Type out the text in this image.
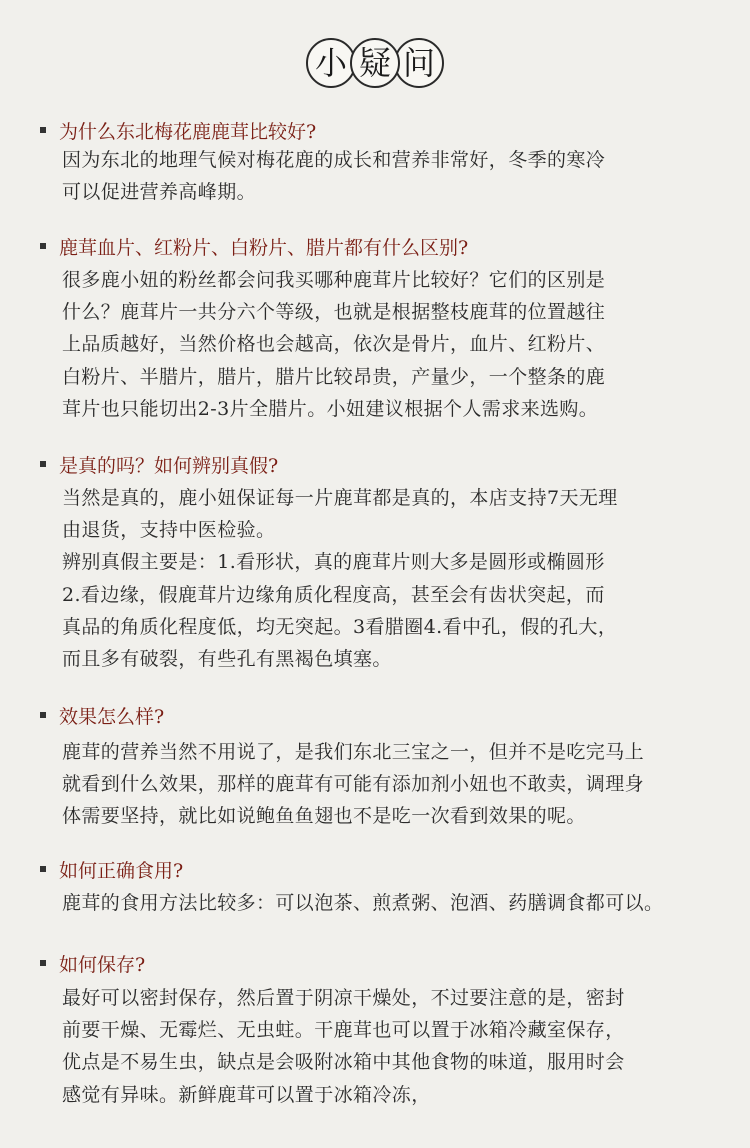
小 疑 问
为什么东北梅花鹿鹿茸比较好?
因为东北的地理气候对梅花鹿的成长和营养非常好，冬季的寒冷
可以促进营养高峰期。
鹿茸血片、红粉片、白粉片、腊片都有什么区别?
很多鹿小妞的粉丝都会问我买哪种鹿茸片比较好？它们的区别是
什么？鹿茸片一共分六个等级，也就是根据整枝鹿茸的位置越往
上品质越好，当然价格也会越高，依次是骨片，血片、红粉片、
白粉片、半腊片，腊片，腊片比较昂贵，产量少，一个整条的鹿
茸片也只能切出2-3片全腊片。小妞建议根据个人需求来选购。
是真的吗？如何辨别真假?
当然是真的，鹿小妞保证每一片鹿茸都是真的，本店支持7天无理
由退货，支持中医检验。
辨别真假主要是：1.看形状，真的鹿茸片则大多是圆形或椭圆形
2.看边缘，假鹿茸片边缘角质化程度高，甚至会有齿状突起，而
真品的角质化程度低，均无突起。3看腊圈4.看中孔，假的孔大，
而且多有破裂，有些孔有黑褐色填塞。
效果怎么样?
鹿茸的营养当然不用说了，是我们东北三宝之一，但并不是吃完马上
就看到什么效果，那样的鹿茸有可能有添加剂小妞也不敢卖，调理身
体需要坚持，就比如说鲍鱼鱼翅也不是吃一次看到效果的呢。
如何正确食用?
鹿茸的食用方法比较多：可以泡茶、煎煮粥、泡酒、药膳调食都可以。
如何保存?
最好可以密封保存，然后置于阴凉干燥处，不过要注意的是，密封
前要干燥、无霉烂、无虫蛀。干鹿茸也可以置于冰箱冷藏室保存，
优点是不易生虫，缺点是会吸附冰箱中其他食物的味道，服用时会
感觉有异味。新鲜鹿茸可以置于冰箱冷冻，
